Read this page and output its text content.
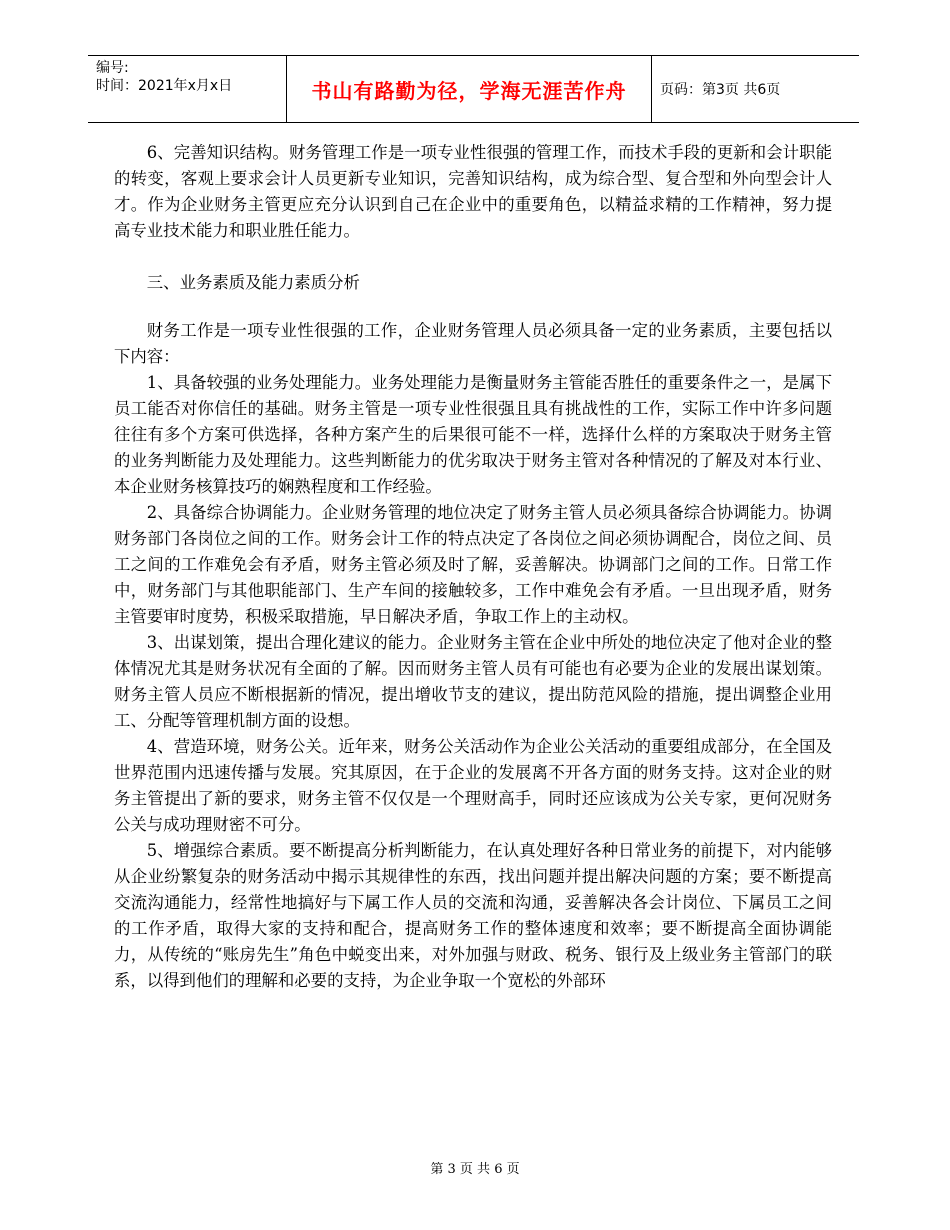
编号:
时间：2021年x月x日	书山有路勤为径，学海无涯苦作舟	页码：第3页 共6页

6、完善知识结构。财务管理工作是一项专业性很强的管理工作，而技术手段的更新和会计职能的转变，客观上要求会计人员更新专业知识，完善知识结构，成为综合型、复合型和外向型会计人才。作为企业财务主管更应充分认识到自己在企业中的重要角色，以精益求精的工作精神，努力提高专业技术能力和职业胜任能力。

三、业务素质及能力素质分析

财务工作是一项专业性很强的工作，企业财务管理人员必须具备一定的业务素质，主要包括以下内容：

1、具备较强的业务处理能力。业务处理能力是衡量财务主管能否胜任的重要条件之一，是属下员工能否对你信任的基础。财务主管是一项专业性很强且具有挑战性的工作，实际工作中许多问题往往有多个方案可供选择，各种方案产生的后果很可能不一样，选择什么样的方案取决于财务主管的业务判断能力及处理能力。这些判断能力的优劣取决于财务主管对各种情况的了解及对本行业、本企业财务核算技巧的娴熟程度和工作经验。

2、具备综合协调能力。企业财务管理的地位决定了财务主管人员必须具备综合协调能力。协调财务部门各岗位之间的工作。财务会计工作的特点决定了各岗位之间必须协调配合，岗位之间、员工之间的工作难免会有矛盾，财务主管必须及时了解，妥善解决。协调部门之间的工作。日常工作中，财务部门与其他职能部门、生产车间的接触较多，工作中难免会有矛盾。一旦出现矛盾，财务主管要审时度势，积极采取措施，早日解决矛盾，争取工作上的主动权。

3、出谋划策，提出合理化建议的能力。企业财务主管在企业中所处的地位决定了他对企业的整体情况尤其是财务状况有全面的了解。因而财务主管人员有可能也有必要为企业的发展出谋划策。财务主管人员应不断根据新的情况，提出增收节支的建议，提出防范风险的措施，提出调整企业用工、分配等管理机制方面的设想。

4、营造环境，财务公关。近年来，财务公关活动作为企业公关活动的重要组成部分，在全国及世界范围内迅速传播与发展。究其原因，在于企业的发展离不开各方面的财务支持。这对企业的财务主管提出了新的要求，财务主管不仅仅是一个理财高手，同时还应该成为公关专家，更何况财务公关与成功理财密不可分。

5、增强综合素质。要不断提高分析判断能力，在认真处理好各种日常业务的前提下，对内能够从企业纷繁复杂的财务活动中揭示其规律性的东西，找出问题并提出解决问题的方案；要不断提高交流沟通能力，经常性地搞好与下属工作人员的交流和沟通，妥善解决各会计岗位、下属员工之间的工作矛盾，取得大家的支持和配合，提高财务工作的整体速度和效率；要不断提高全面协调能力，从传统的“账房先生”角色中蜕变出来，对外加强与财政、税务、银行及上级业务主管部门的联系，以得到他们的理解和必要的支持，为企业争取一个宽松的外部环

第 3 页 共 6 页
